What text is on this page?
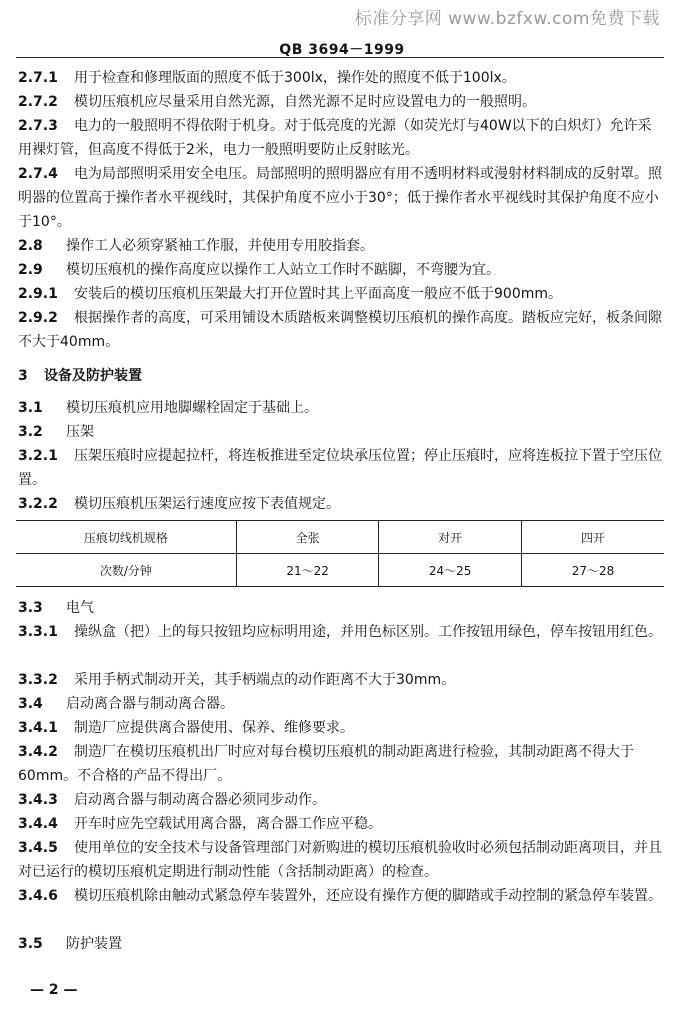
标准分享网 www.bzfxw.com免费下载
QB 3694－1999
2.7.1 用于检查和修理版面的照度不低于300lx，操作处的照度不低于100lx。
2.7.2 模切压痕机应尽量采用自然光源，自然光源不足时应设置电力的一般照明。
2.7.3 电力的一般照明不得依附于机身。对于低亮度的光源（如荧光灯与40W以下的白炽灯）允许采用裸灯管，但高度不得低于2米，电力一般照明要防止反射眩光。
2.7.4 电为局部照明采用安全电压。局部照明的照明器应有用不透明材料或漫射材料制成的反射罩。照明器的位置高于操作者水平视线时，其保护角度不应小于30°；低于操作者水平视线时其保护角度不应小于10°。
2.8 操作工人必须穿紧袖工作服，并使用专用胶指套。
2.9 模切压痕机的操作高度应以操作工人站立工作时不踮脚，不弯腰为宜。
2.9.1 安装后的模切压痕机压架最大打开位置时其上平面高度一般应不低于900mm。
2.9.2 根据操作者的高度，可采用铺设木质踏板来调整模切压痕机的操作高度。踏板应完好，板条间隙不大于40mm。
3 设备及防护装置
3.1 模切压痕机应用地脚螺栓固定于基础上。
3.2 压架
3.2.1 压架压痕时应提起拉杆，将连板推进至定位块承压位置；停止压痕时，应将连板拉下置于空压位置。
3.2.2 模切压痕机压架运行速度应按下表值规定。
压痕切线机规格	全张	对开	四开
次数/分钟	21～22	24～25	27～28
3.3 电气
3.3.1 操纵盒（把）上的每只按钮均应标明用途，并用色标区别。工作按钮用绿色，停车按钮用红色。
3.3.2 采用手柄式制动开关，其手柄端点的动作距离不大于30mm。
3.4 启动离合器与制动离合器。
3.4.1 制造厂应提供离合器使用、保养、维修要求。
3.4.2 制造厂在模切压痕机出厂时应对每台模切压痕机的制动距离进行检验，其制动距离不得大于60mm。不合格的产品不得出厂。
3.4.3 启动离合器与制动离合器必须同步动作。
3.4.4 开车时应先空载试用离合器，离合器工作应平稳。
3.4.5 使用单位的安全技术与设备管理部门对新购进的模切压痕机验收时必须包括制动距离项目，并且对已运行的模切压痕机定期进行制动性能（含括制动距离）的检查。
3.4.6 模切压痕机除由触动式紧急停车装置外，还应设有操作方便的脚踏或手动控制的紧急停车装置。
3.5 防护装置
— 2 —
